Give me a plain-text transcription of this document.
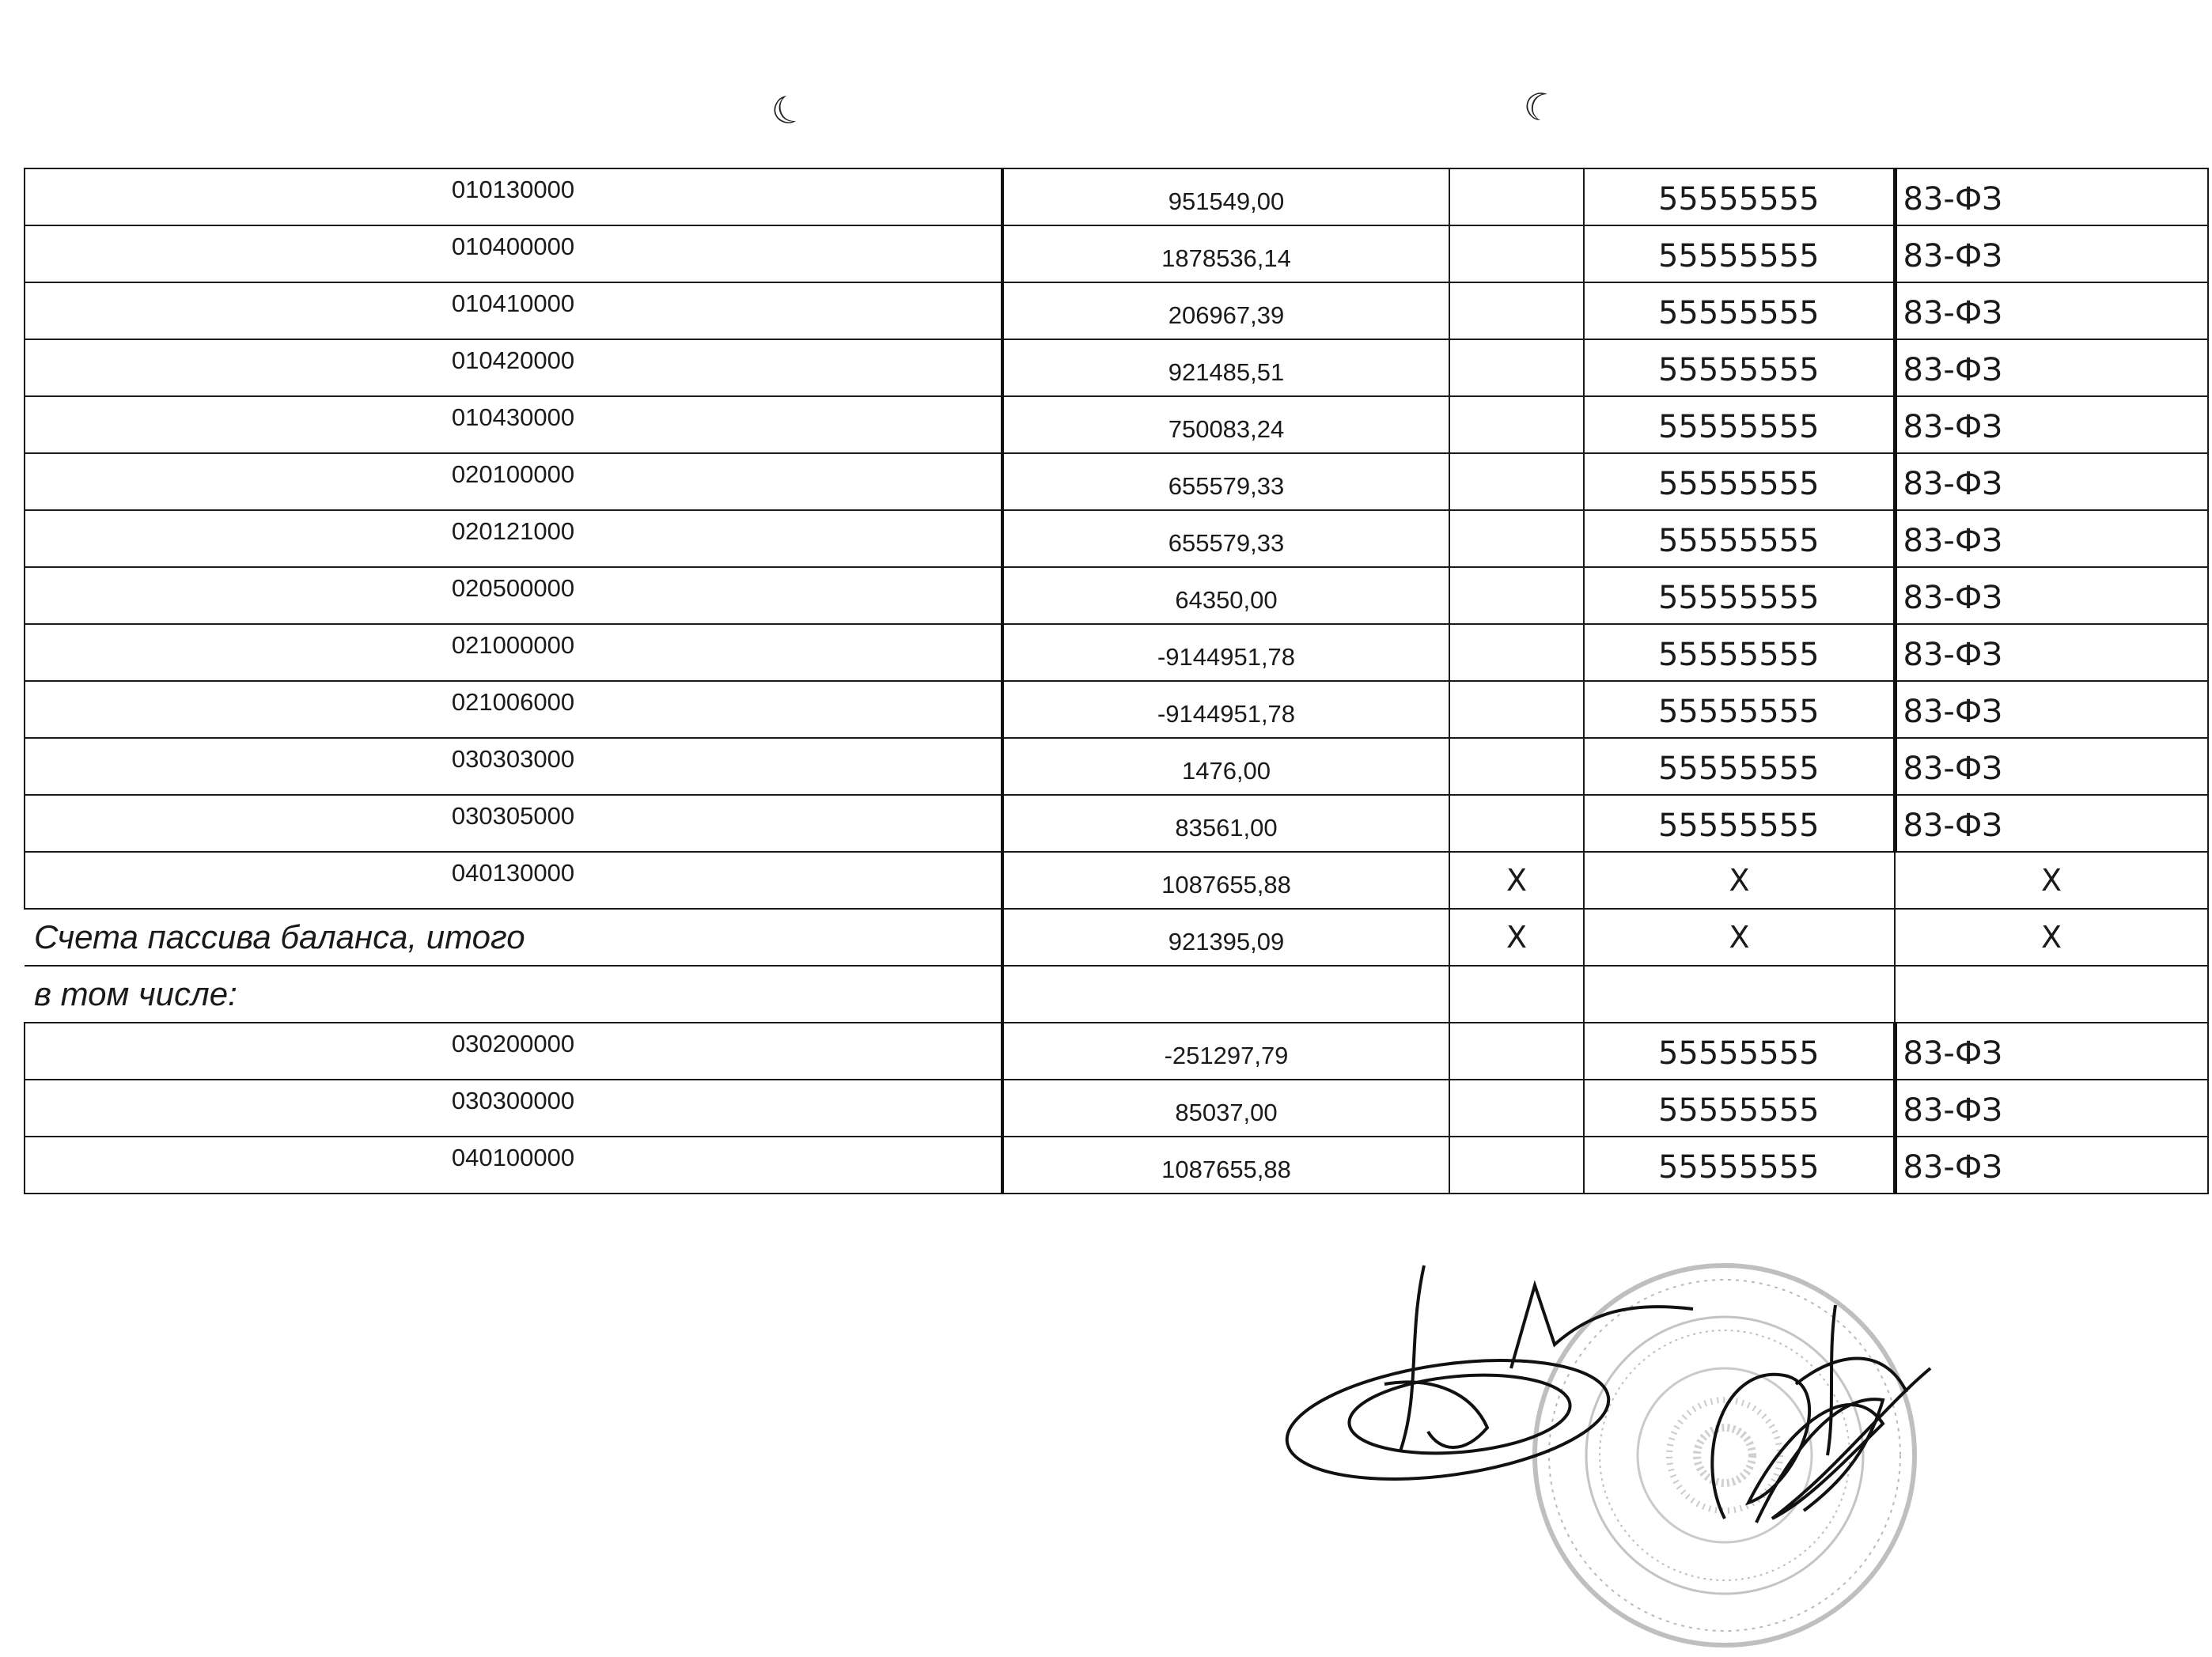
☾	☾
010130000	951549,00		55555555	83-ФЗ
010400000	1878536,14		55555555	83-ФЗ
010410000	206967,39		55555555	83-ФЗ
010420000	921485,51		55555555	83-ФЗ
010430000	750083,24		55555555	83-ФЗ
020100000	655579,33		55555555	83-ФЗ
020121000	655579,33		55555555	83-ФЗ
020500000	64350,00		55555555	83-ФЗ
021000000	-9144951,78		55555555	83-ФЗ
021006000	-9144951,78		55555555	83-ФЗ
030303000	1476,00		55555555	83-ФЗ
030305000	83561,00		55555555	83-ФЗ
040130000	1087655,88	X	X	X
Счета пассива баланса, итого	921395,09	X	X	X
в том числе:				
030200000	-251297,79		55555555	83-ФЗ
030300000	85037,00		55555555	83-ФЗ
040100000	1087655,88		55555555	83-ФЗ
